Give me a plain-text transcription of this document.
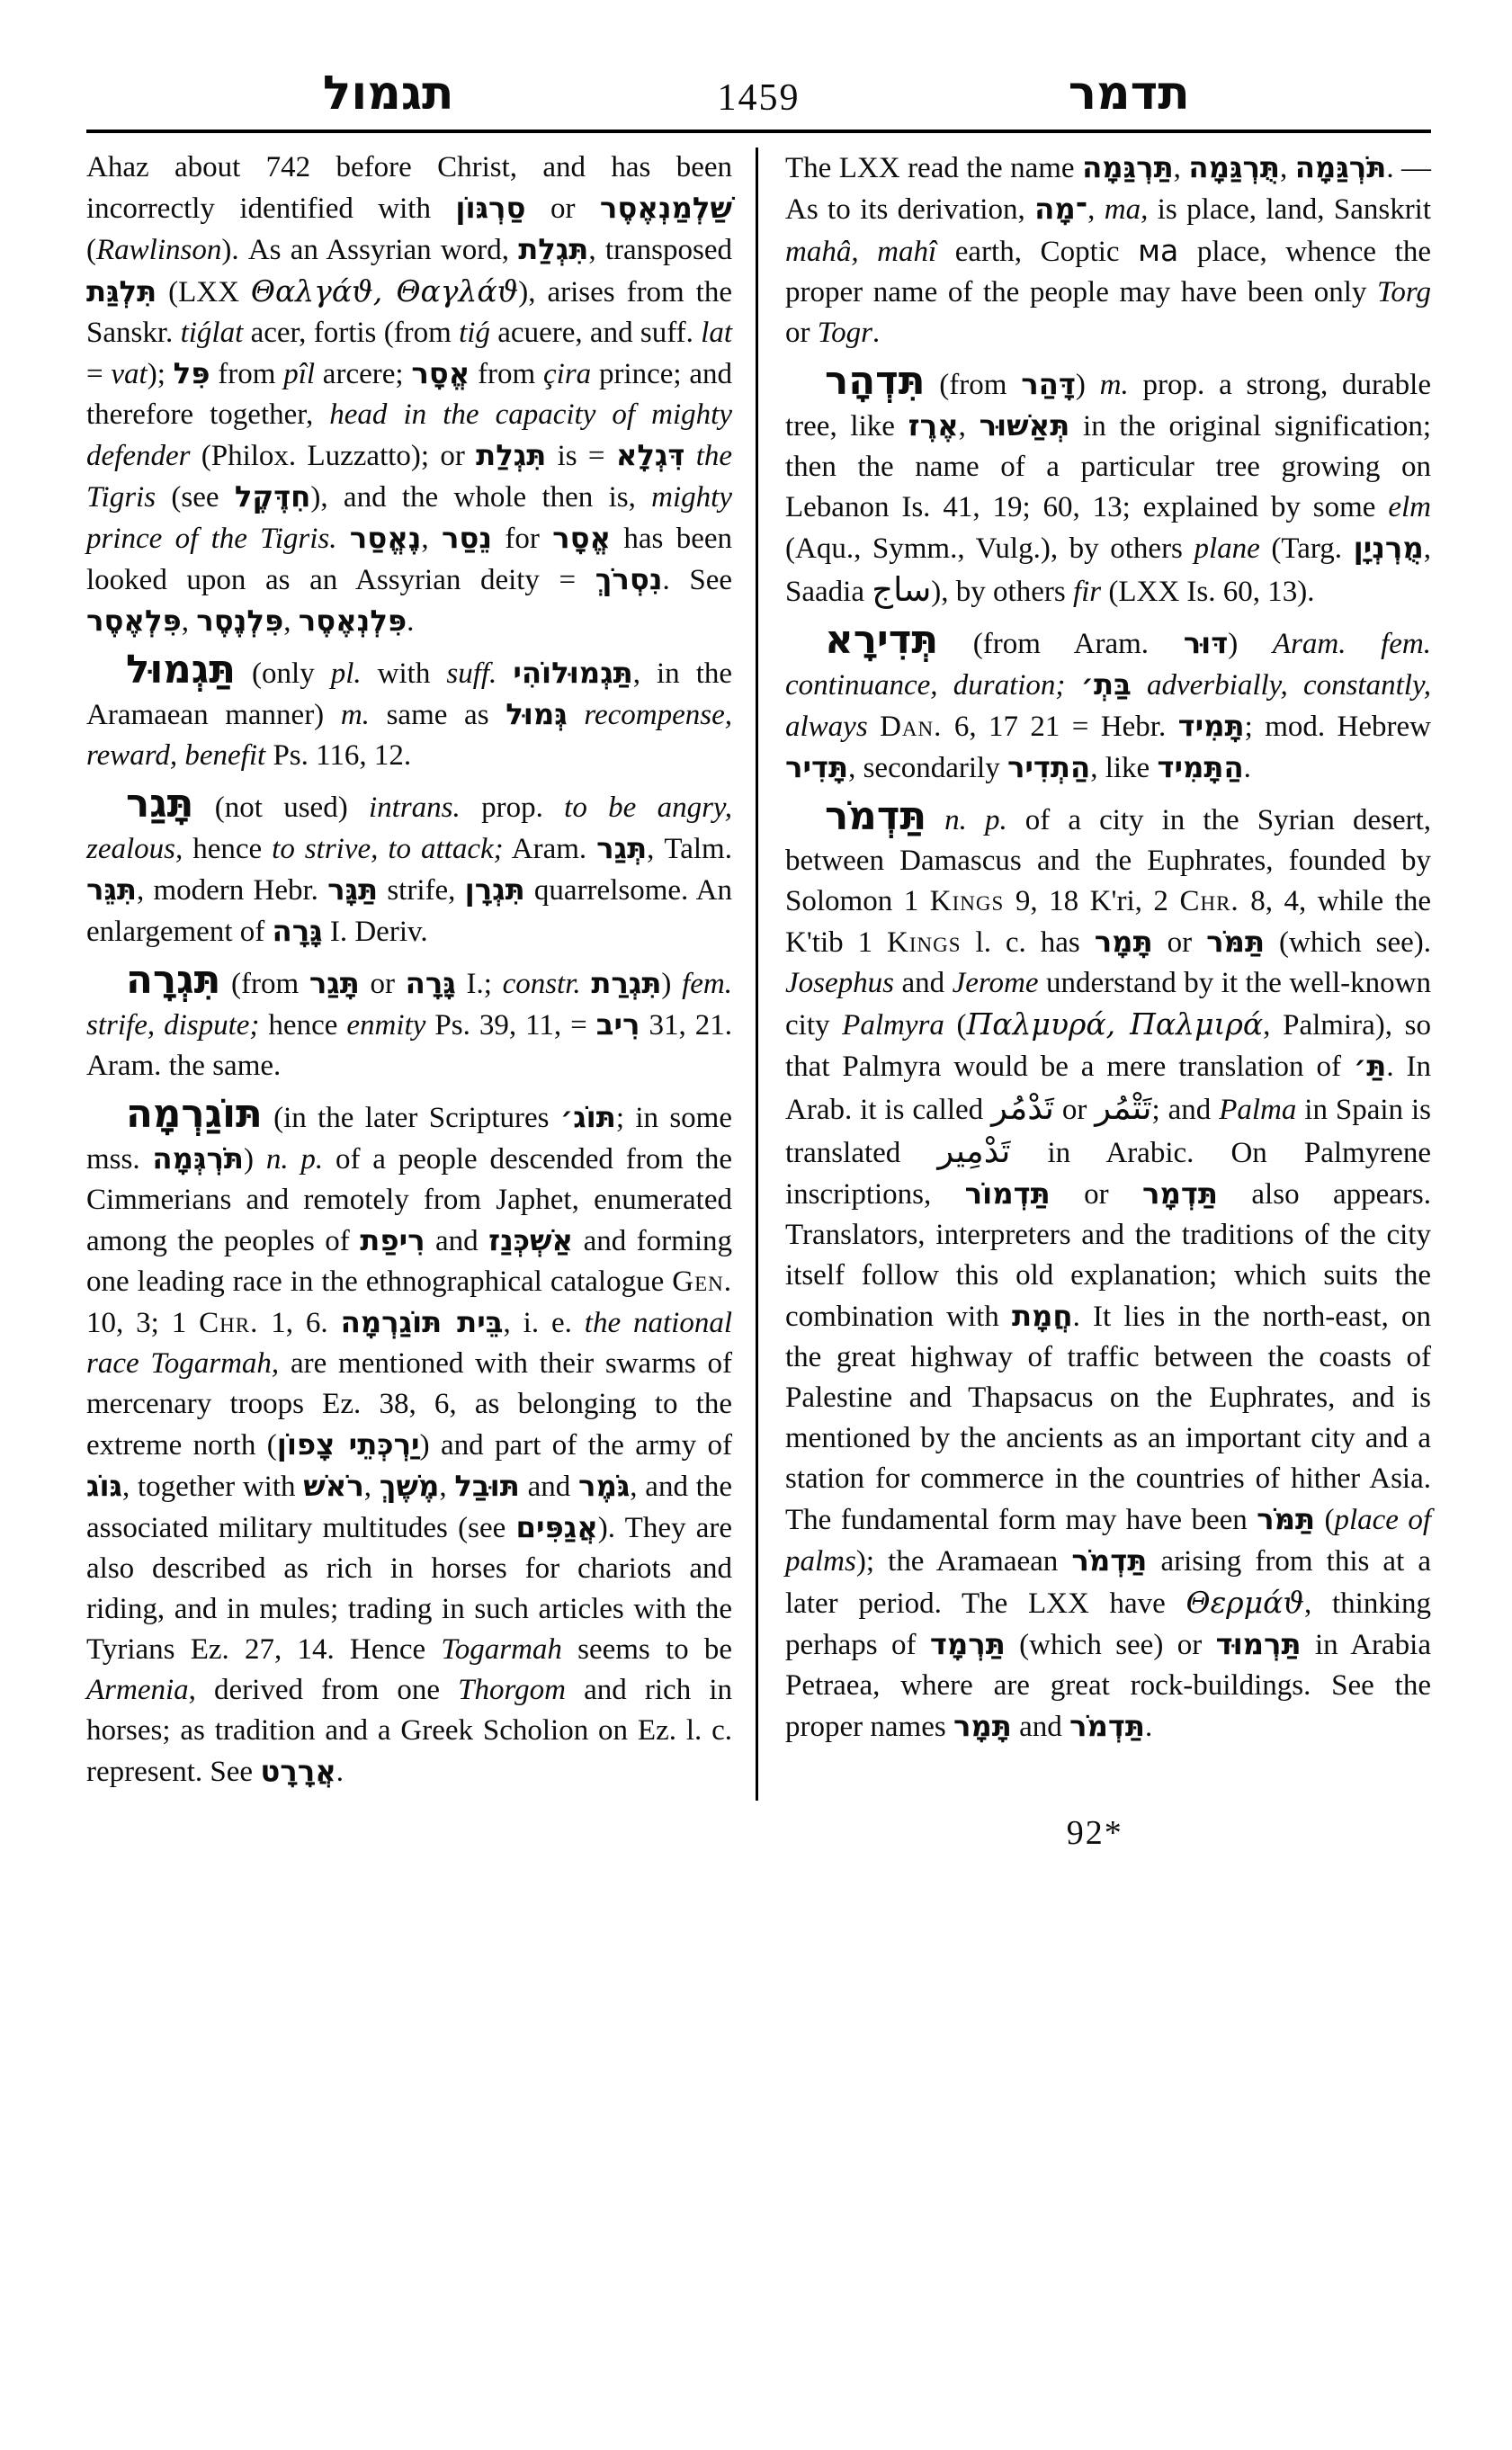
תגמול	1459	תדמר

Ahaz about 742 before Christ, and has been incorrectly identified with סַרְגּוֹן or שַׁלְמַנְאֶסֶר (Rawlinson). As an Assyrian word, תִּגְלַת, transposed תִּלְגַּת (LXX Θαλγάϑ, Θαγλάϑ), arises from the Sanskr. tiǵlat acer, fortis (from tiǵ acuere, and suff. lat = vat); פִּל from pîl arcere; אֱסָר from çira prince; and therefore together, head in the capacity of mighty defender (Philox. Luzzatto); or תִּגְלַת is = דִּגְלָא the Tigris (see חִדֶּקֶל), and the whole then is, mighty prince of the Tigris. נֶאֱסַר, נֵסַר for אֱסָר has been looked upon as an Assyrian deity = נִסְרֹךְ. See פִּלְאֶסֶר, פִּלְנֶסֶר, פִּלְנְאֶסֶר.

תַּגְמוּל (only pl. with suff. תַּגְמוּלוֹהִי, in the Aramaean manner) m. same as גְּמוּל recompense, reward, benefit Ps. 116, 12.

תָּגַר (not used) intrans. prop. to be angry, zealous, hence to strive, to attack; Aram. תְּגַר, Talm. תִּגֵּר, modern Hebr. תַּגָּר strife, תִּגְרָן quarrelsome. An enlargement of גָּרָה I. Deriv.

תִּגְרָה (from תָּגַר or גָּרָה I.; constr. תִּגְרַת) fem. strife, dispute; hence enmity Ps. 39, 11, = רִיב 31, 21. Aram. the same.

תּוֹגַרְמָה (in the later Scriptures תּוֹג׳; in some mss. תֹּרְגְּמָה) n. p. of a people descended from the Cimmerians and remotely from Japhet, enumerated among the peoples of רִיפַת and אַשְׁכְּנַז and forming one leading race in the ethnographical catalogue Gen. 10, 3; 1 Chr. 1, 6. בֵּית תּוֹגַרְמָה, i. e. the national race Togarmah, are mentioned with their swarms of mercenary troops Ez. 38, 6, as belonging to the extreme north (יַרְכְּתֵי צָפוֹן) and part of the army of גּוֹג, together with רֹאשׁ, מֶשֶׁךְ, תּוּבַל and גֹּמֶר, and the associated military multitudes (see אֲגַפִּים). They are also described as rich in horses for chariots and riding, and in mules; trading in such articles with the Tyrians Ez. 27, 14. Hence Togarmah seems to be Armenia, derived from one Thorgom and rich in horses; as tradition and a Greek Scholion on Ez. l. c. represent. See אֲרָרָט.

The LXX read the name תַּרְגַּמָה, תֻּרְגַּמָה, תֹּרְגַּמָה. — As to its derivation, ־מָה, ma, is place, land, Sanskrit mahâ, mahî earth, Coptic ма place, whence the proper name of the people may have been only Torg or Togr.

תִּדְהָר (from דָּהַר) m. prop. a strong, durable tree, like אֶרֶז, תְּאַשּׁוּר in the original signification; then the name of a particular tree growing on Lebanon Is. 41, 19; 60, 13; explained by some elm (Aqu., Symm., Vulg.), by others plane (Targ. מֻרְנְיָן, Saadia ساج), by others fir (LXX Is. 60, 13).

תְּדִירָא (from Aram. דּוּר) Aram. fem. continuance, duration; בַּתְ׳ adverbially, constantly, always Dan. 6, 17 21 = Hebr. תָּמִיד; mod. Hebrew תָּדִיר, secondarily הַתְדִיר, like הַתָּמִיד.

תַּדְמֹר n. p. of a city in the Syrian desert, between Damascus and the Euphrates, founded by Solomon 1 Kings 9, 18 K'ri, 2 Chr. 8, 4, while the K'tib 1 Kings l. c. has תָּמָר or תַּמֹּר (which see). Josephus and Jerome understand by it the well-known city Palmyra (Παλμυρά, Παλμιρά, Palmira), so that Palmyra would be a mere translation of תַּ׳. In Arab. it is called تَدْمُر or تَتْمُر; and Palma in Spain is translated تَدْمِير in Arabic. On Palmyrene inscriptions, תַּדְמוֹר or תַּדְמָר also appears. Translators, interpreters and the traditions of the city itself follow this old explanation; which suits the combination with חֲמָת. It lies in the north-east, on the great highway of traffic between the coasts of Palestine and Thapsacus on the Euphrates, and is mentioned by the ancients as an important city and a station for commerce in the countries of hither Asia. The fundamental form may have been תַּמֹּר (place of palms); the Aramaean תַּדְמֹר arising from this at a later period. The LXX have Θερμάϑ, thinking perhaps of תַּרְמָד (which see) or תַּרְמוּד in Arabia Petraea, where are great rock-buildings. See the proper names תָּמָר and תַּדְמֹר.

92*
